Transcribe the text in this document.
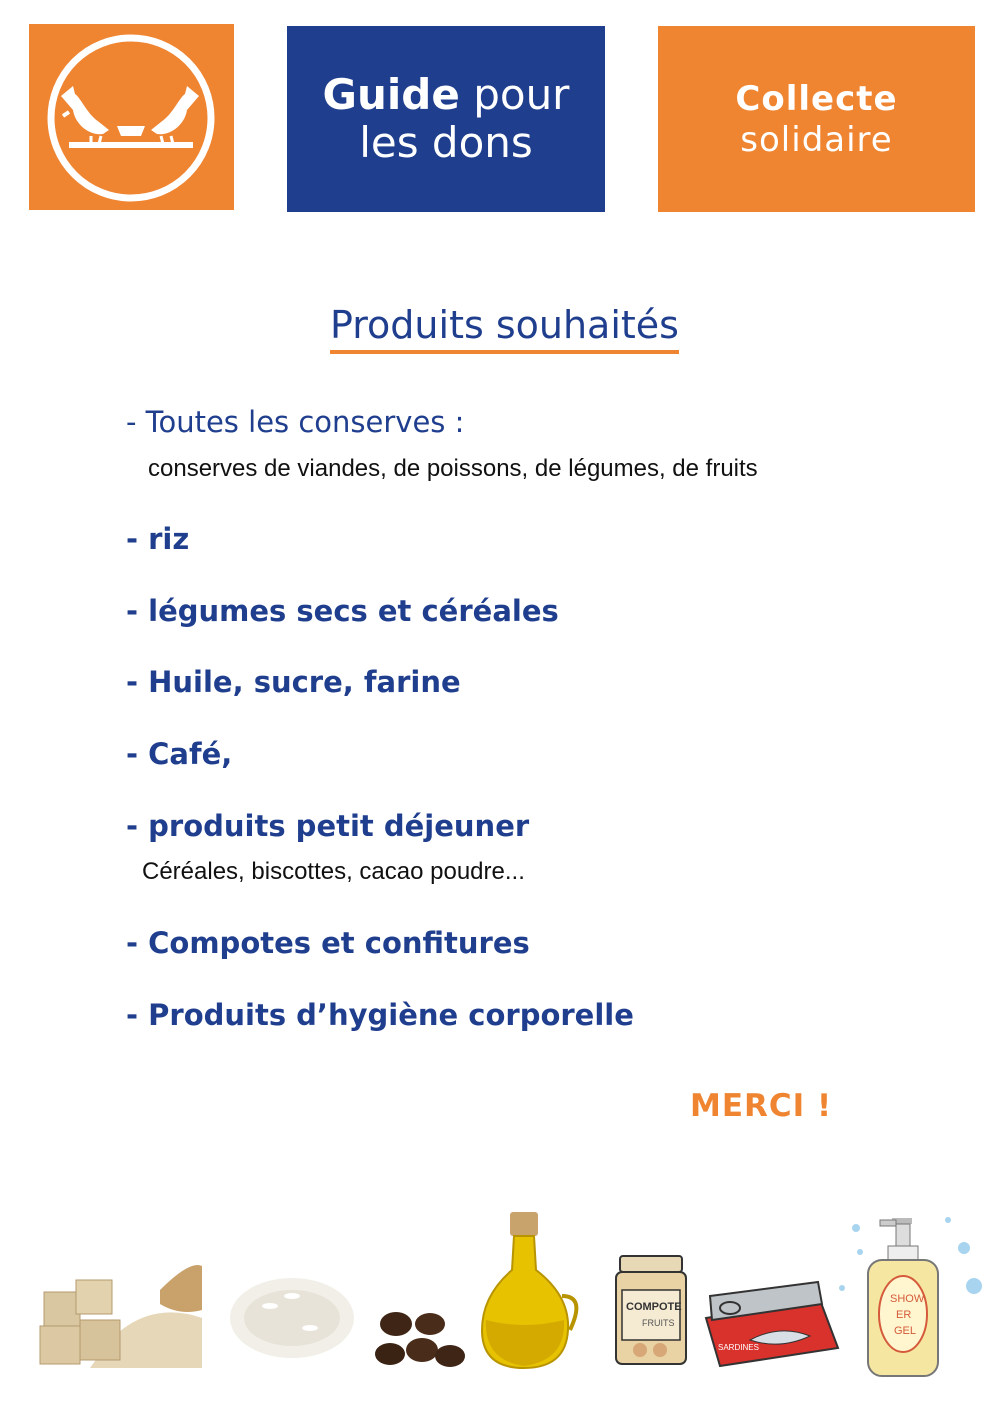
Guide pour
les dons
Collecte
solidaire
Produits souhaités
- Toutes les conserves :
conserves de viandes, de poissons, de légumes, de fruits
- riz
- légumes secs et céréales
- Huile, sucre, farine
- Café,
- produits petit déjeuner
Céréales, biscottes, cacao poudre...
- Compotes et confitures
- Produits d’hygiène corporelle
MERCI !
COMPOTE
FRUITS
SARDINES
SHOW
ER
GEL
